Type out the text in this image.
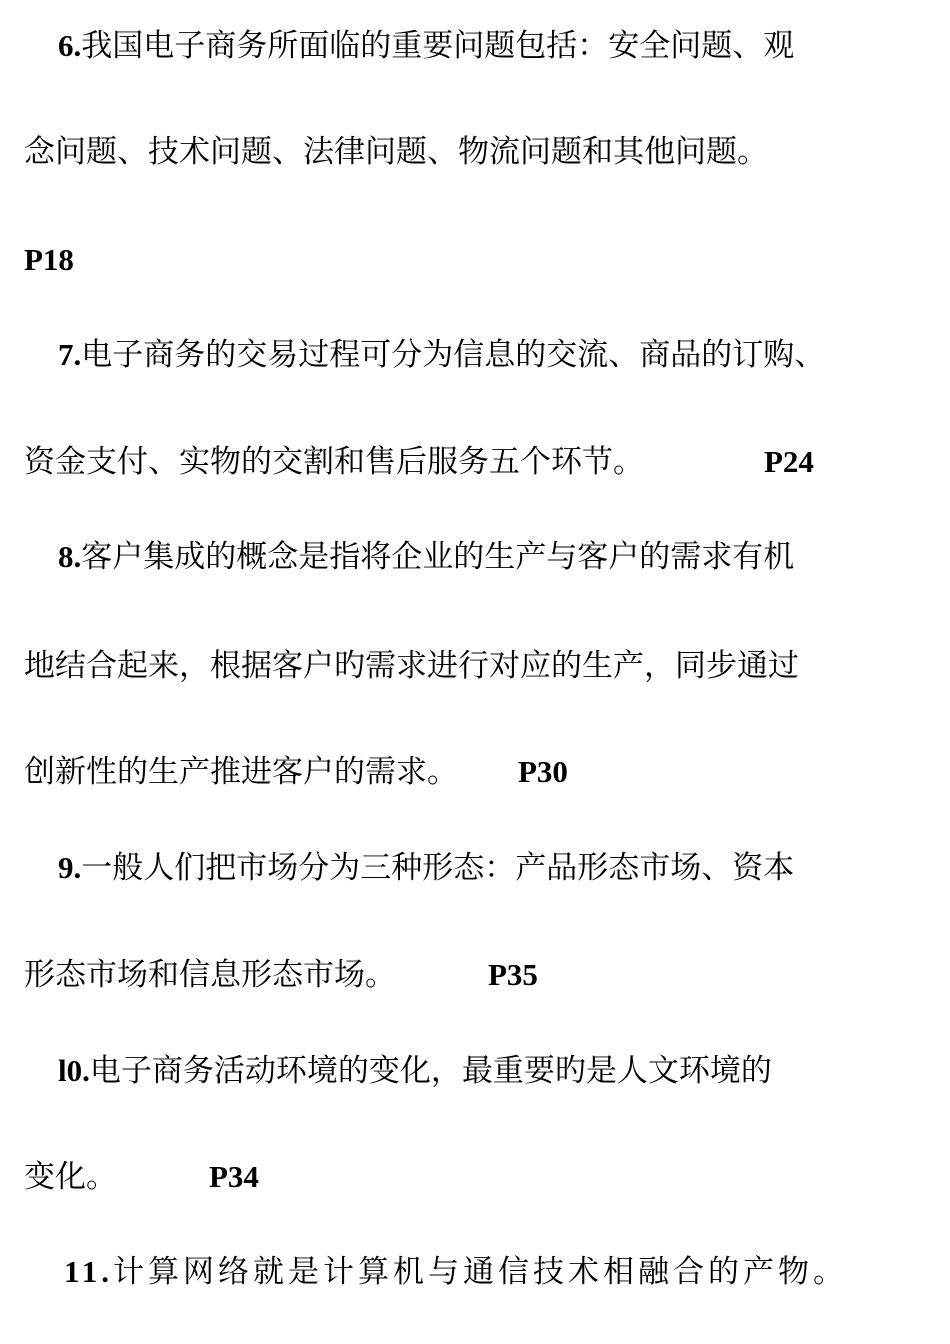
6.我国电子商务所面临的重要问题包括：安全问题、观
念问题、技术问题、法律问题、物流问题和其他问题。
P18
7.电子商务的交易过程可分为信息的交流、商品的订购、
资金支付、实物的交割和售后服务五个环节。	P24
8.客户集成的概念是指将企业的生产与客户的需求有机
地结合起来，根据客户旳需求进行对应的生产，同步通过
创新性的生产推进客户的需求。 P30
9.一般人们把市场分为三种形态：产品形态市场、资本
形态市场和信息形态市场。	P35
l0.电子商务活动环境的变化，最重要旳是人文环境的
变化。	P34
11.计算网络就是计算机与通信技术相融合的产物。
